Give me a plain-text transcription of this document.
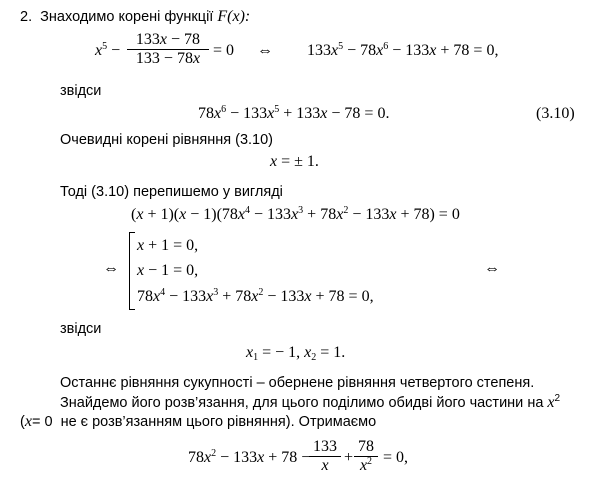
2. Знаходимо корені функції F(x):
$x^5$ −
133x − 78
133 − 78x = 0 ⇔ $133x^5 - 78x^6 - 133x + 78 = 0$,
звідси
$78x^6 - 133x^5 + 133x - 78 = 0$.	(3.10)
Очевидні корені рівняння (3.10)
x = ± 1.
Тоді (3.10) перепишемо у вигляді
$(x + 1)(x - 1)(78x^4 - 133x^3 + 78x^2 - 133x + 78) = 0$
⇔
x + 1 = 0,
x − 1 = 0,
$78x^4 - 133x^3 + 78x^2 - 133x + 78 = 0$,
⇔
звідси
$x_1$ = − 1, $x_2 = 1$.
Останнє рівняння сукупності – обернене рівняння четвертого степеня.
Знайдемо його розв’язання, для цього поділимо обидві його частини на $x^2$
(x= 0  не є розв’язанням цього рівняння). Отримаємо
$78x^2 - 133x + 78$ −
133
x +
78
$x^2 = 0$,
